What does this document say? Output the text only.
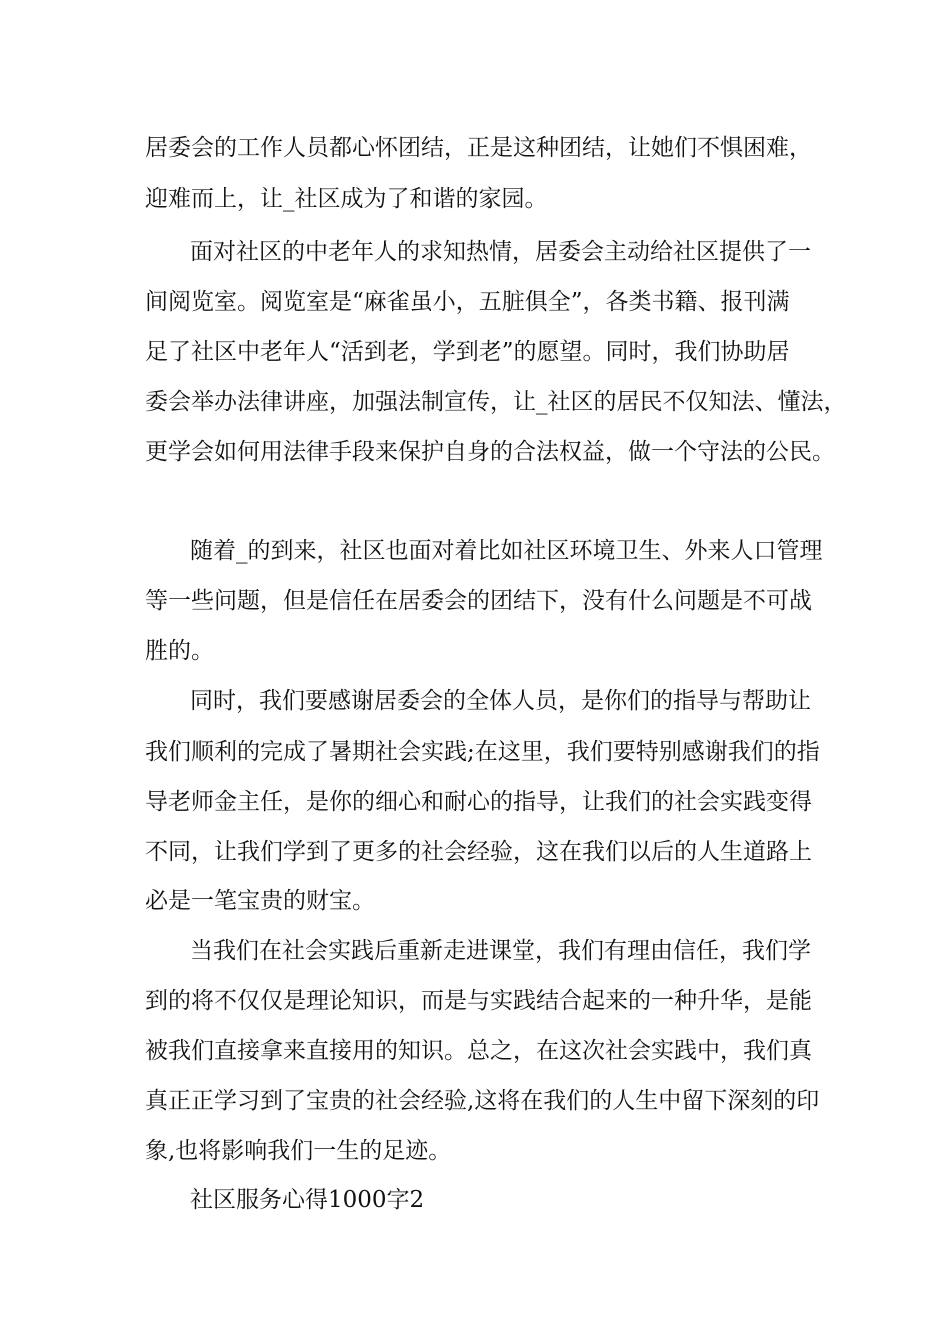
居委会的工作人员都心怀团结，正是这种团结，让她们不惧困难，

迎难而上，让_社区成为了和谐的家园。

面对社区的中老年人的求知热情，居委会主动给社区提供了一

间阅览室。阅览室是“麻雀虽小，五脏俱全”，各类书籍、报刊满

足了社区中老年人“活到老，学到老”的愿望。同时，我们协助居

委会举办法律讲座，加强法制宣传，让_社区的居民不仅知法、懂法，

更学会如何用法律手段来保护自身的合法权益，做一个守法的公民。

随着_的到来，社区也面对着比如社区环境卫生、外来人口管理

等一些问题，但是信任在居委会的团结下，没有什么问题是不可战

胜的。

同时，我们要感谢居委会的全体人员，是你们的指导与帮助让

我们顺利的完成了暑期社会实践;在这里，我们要特别感谢我们的指

导老师金主任，是你的细心和耐心的指导，让我们的社会实践变得

不同，让我们学到了更多的社会经验，这在我们以后的人生道路上

必是一笔宝贵的财宝。

当我们在社会实践后重新走进课堂，我们有理由信任，我们学

到的将不仅仅是理论知识，而是与实践结合起来的一种升华，是能

被我们直接拿来直接用的知识。总之，在这次社会实践中，我们真

真正正学习到了宝贵的社会经验,这将在我们的人生中留下深刻的印

象,也将影响我们一生的足迹。

社区服务心得1000字2
